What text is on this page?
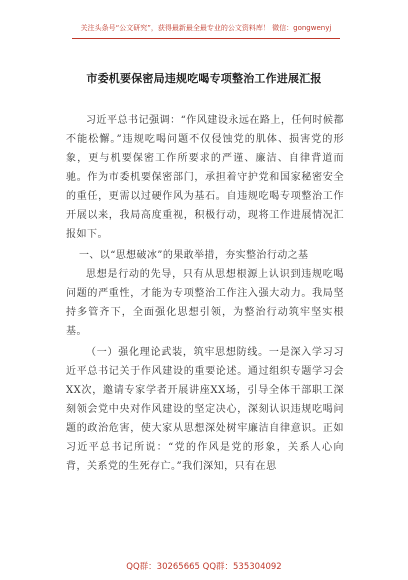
关注头条号“公文研究”，获得最新最全最专业的公文资料库！ 微信：gongwenyj
市委机要保密局违规吃喝专项整治工作进展汇报

习近平总书记强调：“作风建设永远在路上，任何时候都不能松懈。”违规吃喝问题不仅侵蚀党的肌体、损害党的形象，更与机要保密工作所要求的严谨、廉洁、自律背道而驰。作为市委机要保密部门，承担着守护党和国家秘密安全的重任，更需以过硬作风为基石。自违规吃喝专项整治工作开展以来，我局高度重视，积极行动，现将工作进展情况汇报如下。

一、以“思想破冰”的果敢举措，夯实整治行动之基

思想是行动的先导，只有从思想根源上认识到违规吃喝问题的严重性，才能为专项整治工作注入强大动力。我局坚持多管齐下，全面强化思想引领，为整治行动筑牢坚实根基。

（一）强化理论武装，筑牢思想防线。一是深入学习习近平总书记关于作风建设的重要论述。通过组织专题学习会XX次，邀请专家学者开展讲座XX场，引导全体干部职工深刻领会党中央对作风建设的坚定决心，深刻认识违规吃喝问题的政治危害，使大家从思想深处树牢廉洁自律意识。正如习近平总书记所说：“党的作风是党的形象，关系人心向背，关系党的生死存亡。”我们深知，只有在思

QQ群：30265665 QQ群：535304092
